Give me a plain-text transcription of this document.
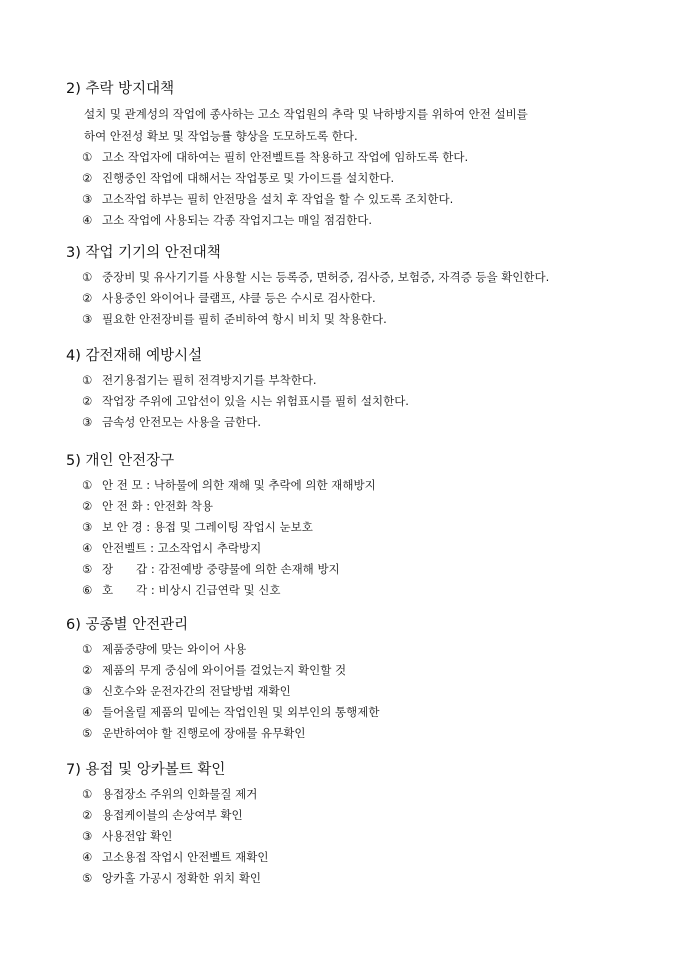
2) 추락 방지대책
설치 및 관계성의 작업에 종사하는 고소 작업원의 추락 및 낙하방지를 위하여 안전 설비를
하여 안전성 확보 및 작업능률 향상을 도모하도록 한다.
① 고소 작업자에 대하여는 필히 안전벨트를 착용하고 작업에 임하도록 한다.
② 진행중인 작업에 대해서는 작업통로 및 가이드를 설치한다.
③ 고소작업 하부는 필히 안전망을 설치 후 작업을 할 수 있도록 조치한다.
④ 고소 작업에 사용되는 각종 작업지그는 매일 점검한다.
3) 작업 기기의 안전대책
① 중장비 및 유사기기를 사용할 시는 등록증, 면허증, 검사증, 보험증, 자격증 등을 확인한다.
② 사용중인 와이어나 클램프, 샤클 등은 수시로 검사한다.
③ 필요한 안전장비를 필히 준비하여 항시 비치 및 착용한다.
4) 감전재해 예방시설
① 전기용접기는 필히 전격방지기를 부착한다.
② 작업장 주위에 고압선이 있을 시는 위험표시를 필히 설치한다.
③ 금속성 안전모는 사용을 금한다.
5) 개인 안전장구
① 안 전 모 : 낙하물에 의한 재해 및 추락에 의한 재해방지
② 안 전 화 : 안전화 착용
③ 보 안 경 : 용접 및 그레이팅 작업시 눈보호
④ 안전벨트 : 고소작업시 추락방지
⑤ 장　　갑 : 감전예방 중량물에 의한 손재해 방지
⑥ 호　　각 : 비상시 긴급연락 및 신호
6) 공종별 안전관리
① 제품중량에 맞는 와이어 사용
② 제품의 무게 중심에 와이어를 걸었는지 확인할 것
③ 신호수와 운전자간의 전달방법 재확인
④ 들어올릴 제품의 밑에는 작업인원 및 외부인의 통행제한
⑤ 운반하여야 할 진행로에 장애물 유무확인
7) 용접 및 앙카볼트 확인
① 용접장소 주위의 인화물질 제거
② 용접케이블의 손상여부 확인
③ 사용전압 확인
④ 고소용접 작업시 안전벨트 재확인
⑤ 앙카홀 가공시 정확한 위치 확인
